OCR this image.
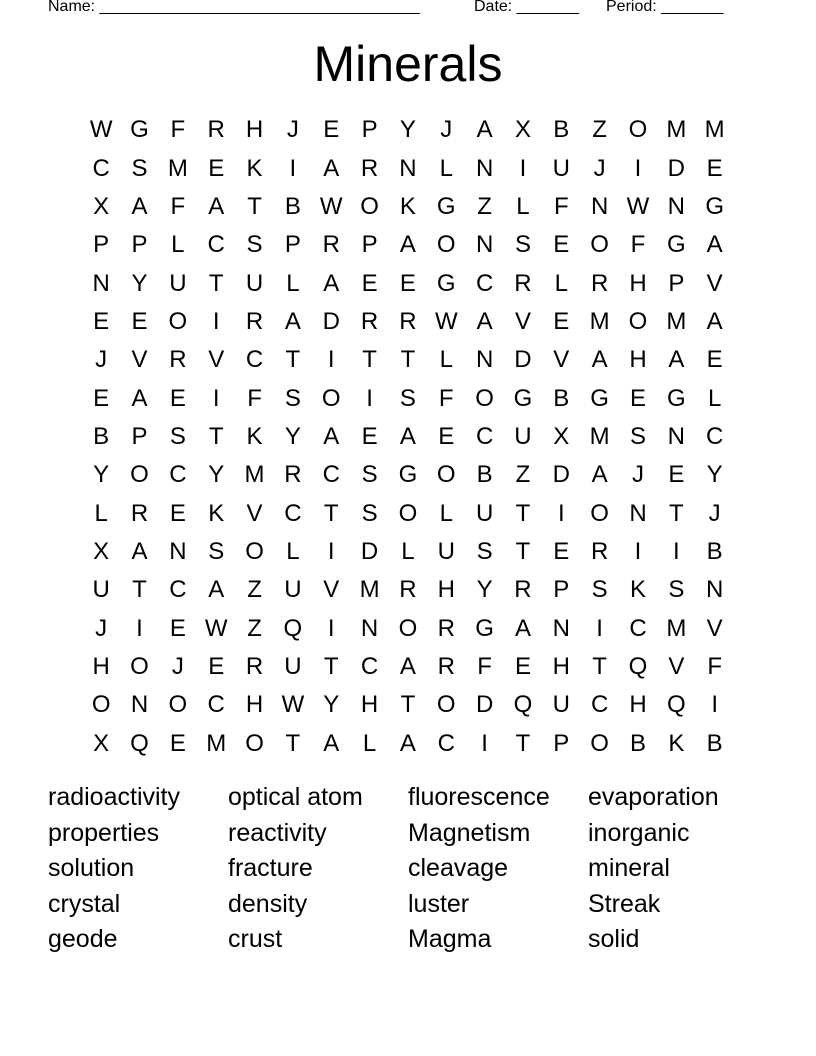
Name: ____________________________________	Date: _______ Period: _______
Minerals
W G F R H J	E P Y	J	A X B Z O M M
C S M E K	I	A R N L N	I	U J	I	D E
X A F A T B W O K G Z	L	F N W N G
P P L C S P R P A O N S E O F G A
N Y U T U L A E E G C R L R H P V
E E O	I	R A D R R W A V E M O M A
J	V R V C T	I	T T	L N D V A H A E
E A E	I	F S O	I	S F O G B G E G L
B P S T K Y A E A E C U X M S N C
Y O C Y M R C S G O B Z D A	J	E Y
L R E K V C T S O L U T	I	O N T	J
X A N S O L	I	D L U S T E R	I	I	B
U T C A Z U V M R H Y R P S K S N
J	I	E W Z Q	I	N O R G A N	I	C M V
H O J	E R U T C A R F E H T Q V F
O N O C H W Y H T O D Q U C H Q	I
X Q E M O T A L A C	I	T P O B K B
radioactivity	optical atom	fluorescence	evaporation
properties	reactivity	Magnetism	inorganic
solution	fracture	cleavage	mineral
crystal	density	luster	Streak
geode	crust	Magma	solid
